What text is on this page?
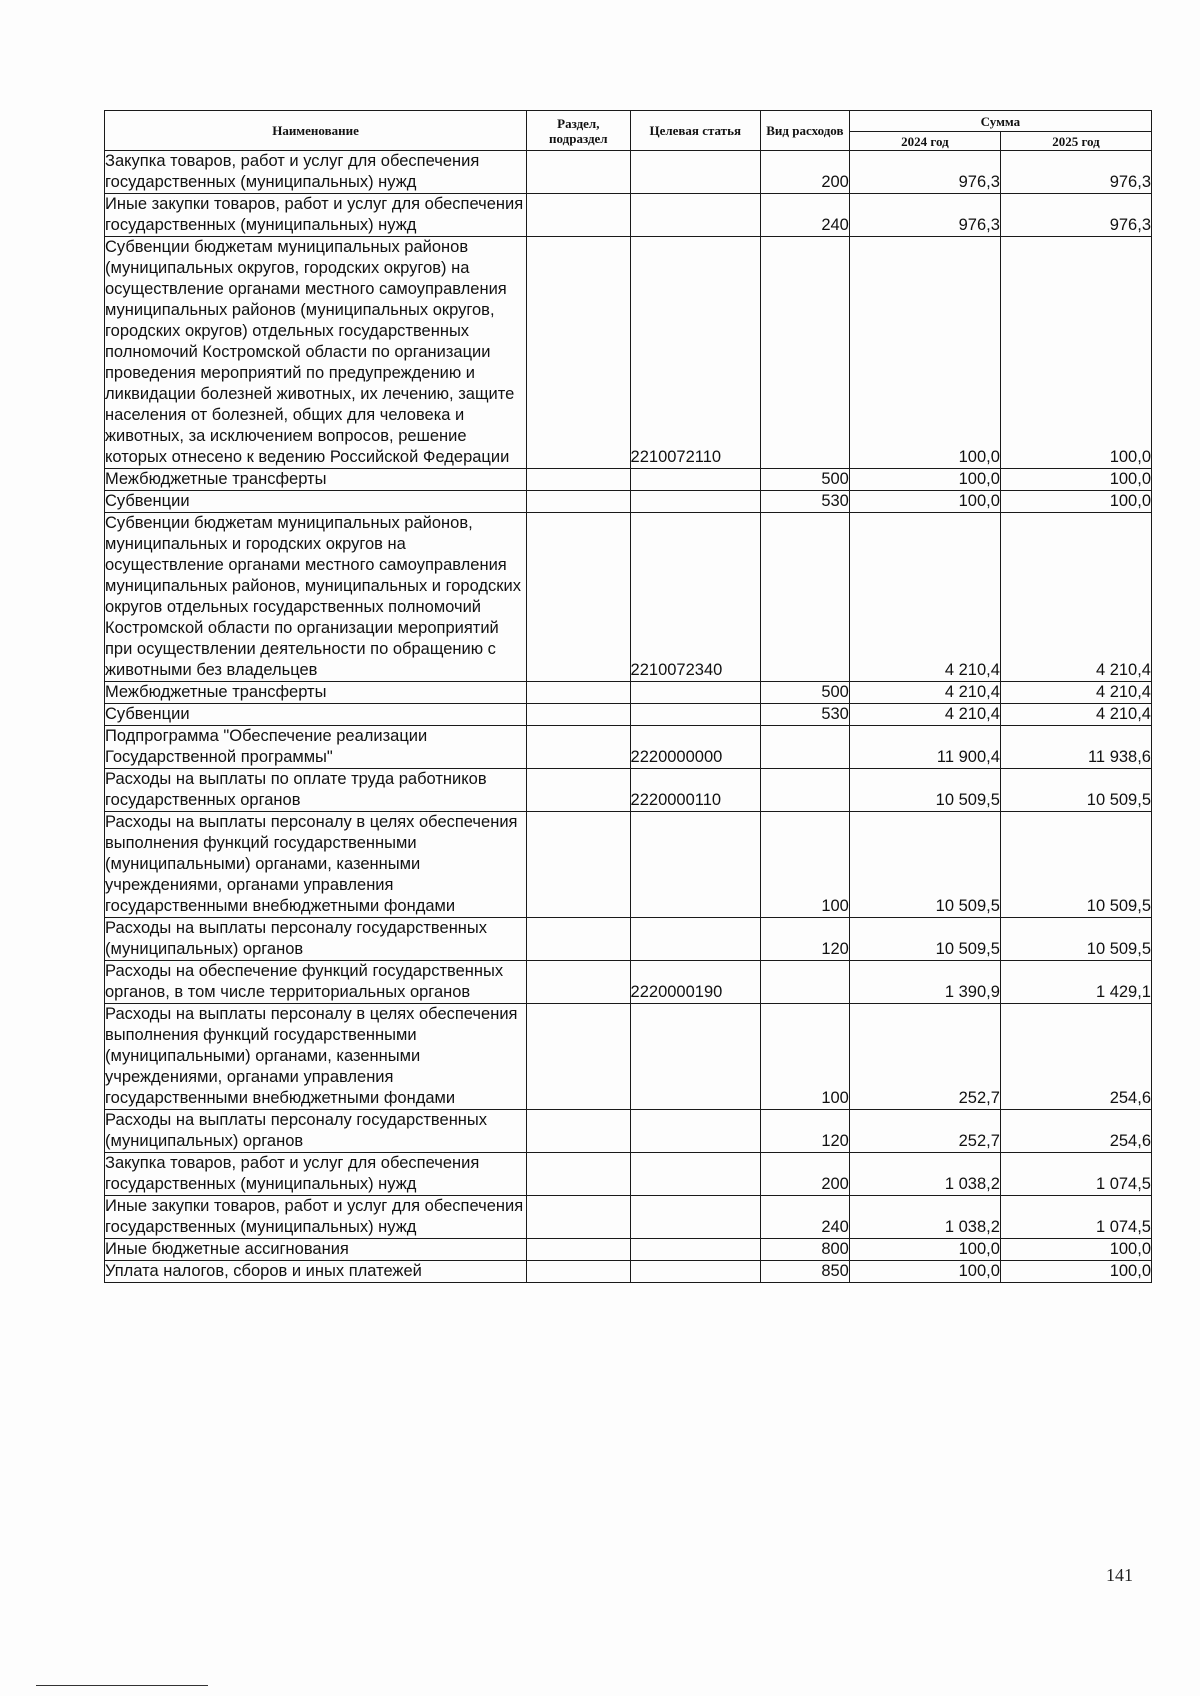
Наименование	Раздел, подраздел	Целевая статья	Вид расходов	Сумма	
				2024 год	2025 год
Закупка товаров, работ и услуг для обеспечения государственных (муниципальных) нужд			200	976,3	976,3
Иные закупки товаров, работ и услуг для обеспечения государственных (муниципальных) нужд			240	976,3	976,3
Субвенции бюджетам муниципальных районов (муниципальных округов, городских округов) на осуществление органами местного самоуправления муниципальных районов (муниципальных округов, городских округов) отдельных государственных полномочий Костромской области по организации проведения мероприятий по предупреждению и ликвидации болезней животных, их лечению, защите населения от болезней, общих для человека и животных, за исключением вопросов, решение которых отнесено к ведению Российской Федерации		2210072110		100,0	100,0
Межбюджетные трансферты			500	100,0	100,0
Субвенции			530	100,0	100,0
Субвенции бюджетам муниципальных районов, муниципальных и городских округов на осуществление органами местного самоуправления муниципальных районов, муниципальных и городских округов отдельных государственных полномочий Костромской области по организации мероприятий при осуществлении деятельности по обращению с животными без владельцев		2210072340		4 210,4	4 210,4
Межбюджетные трансферты			500	4 210,4	4 210,4
Субвенции			530	4 210,4	4 210,4
Подпрограмма "Обеспечение реализации Государственной программы"		2220000000		11 900,4	11 938,6
Расходы на выплаты по оплате труда работников государственных органов		2220000110		10 509,5	10 509,5
Расходы на выплаты персоналу в целях обеспечения выполнения функций государственными (муниципальными) органами, казенными учреждениями, органами управления государственными внебюджетными фондами			100	10 509,5	10 509,5
Расходы на выплаты персоналу государственных (муниципальных) органов			120	10 509,5	10 509,5
Расходы на обеспечение функций государственных органов, в том числе территориальных органов		2220000190		1 390,9	1 429,1
Расходы на выплаты персоналу в целях обеспечения выполнения функций государственными (муниципальными) органами, казенными учреждениями, органами управления государственными внебюджетными фондами			100	252,7	254,6
Расходы на выплаты персоналу государственных (муниципальных) органов			120	252,7	254,6
Закупка товаров, работ и услуг для обеспечения государственных (муниципальных) нужд			200	1 038,2	1 074,5
Иные закупки товаров, работ и услуг для обеспечения государственных (муниципальных) нужд			240	1 038,2	1 074,5
Иные бюджетные ассигнования			800	100,0	100,0
Уплата налогов, сборов и иных платежей			850	100,0	100,0
141
